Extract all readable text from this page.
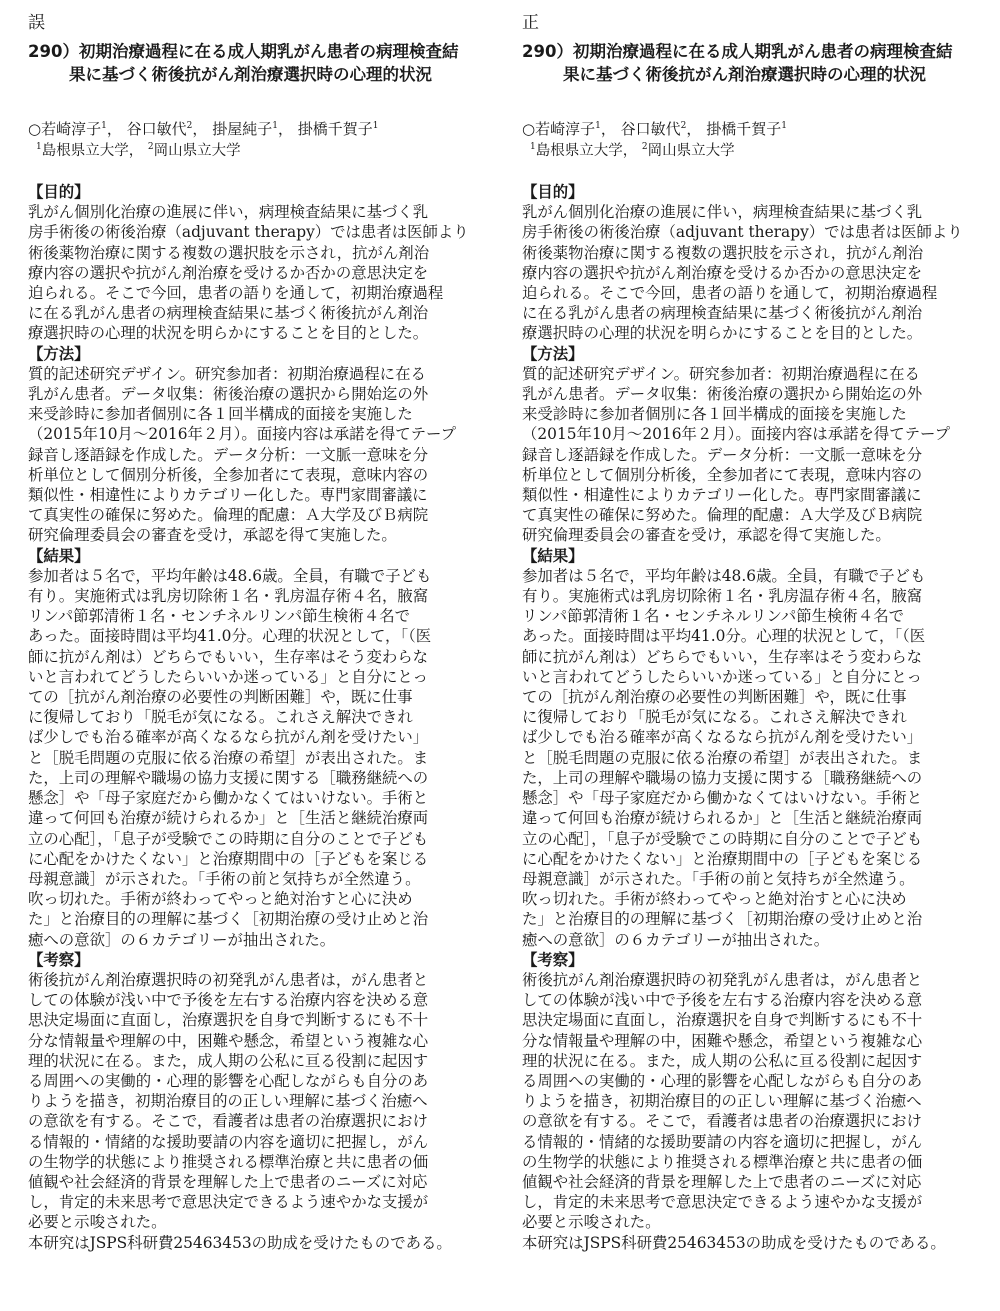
誤
290）初期治療過程に在る成人期乳がん患者の病理検査結
果に基づく術後抗がん剤治療選択時の心理的状況
○若崎淳子$^1$， 谷口敏代$^2$， 掛屋純子$^1$， 掛橋千賀子$^1$
$^1$島根県立大学， $^2$岡山県立大学
【目的】
乳がん個別化治療の進展に伴い，病理検査結果に基づく乳
房手術後の術後治療（adjuvant therapy）では患者は医師より
術後薬物治療に関する複数の選択肢を示され，抗がん剤治
療内容の選択や抗がん剤治療を受けるか否かの意思決定を
迫られる。そこで今回，患者の語りを通して，初期治療過程
に在る乳がん患者の病理検査結果に基づく術後抗がん剤治
療選択時の心理的状況を明らかにすることを目的とした。
【方法】
質的記述研究デザイン。研究参加者：初期治療過程に在る
乳がん患者。データ収集：術後治療の選択から開始迄の外
来受診時に参加者個別に各１回半構成的面接を実施した
（2015年10月～2016年２月）。面接内容は承諾を得てテープ
録音し逐語録を作成した。データ分析：一文脈一意味を分
析単位として個別分析後，全参加者にて表現，意味内容の
類似性・相違性によりカテゴリー化した。専門家間審議に
て真実性の確保に努めた。倫理的配慮：Ａ大学及びＢ病院
研究倫理委員会の審査を受け，承認を得て実施した。
【結果】
参加者は５名で，平均年齢は48.6歳。全員，有職で子ども
有り。実施術式は乳房切除術１名・乳房温存術４名，腋窩
リンパ節郭清術１名・センチネルリンパ節生検術４名で
あった。面接時間は平均41.0分。心理的状況として，「（医
師に抗がん剤は）どちらでもいい，生存率はそう変わらな
いと言われてどうしたらいいか迷っている」と自分にとっ
ての［抗がん剤治療の必要性の判断困難］や，既に仕事
に復帰しており「脱毛が気になる。これさえ解決できれ
ば少しでも治る確率が高くなるなら抗がん剤を受けたい」
と［脱毛問題の克服に依る治療の希望］が表出された。ま
た，上司の理解や職場の協力支援に関する［職務継続への
懸念］や「母子家庭だから働かなくてはいけない。手術と
違って何回も治療が続けられるか」と［生活と継続治療両
立の心配］，「息子が受験でこの時期に自分のことで子ども
に心配をかけたくない」と治療期間中の［子どもを案じる
母親意識］が示された。「手術の前と気持ちが全然違う。
吹っ切れた。手術が終わってやっと絶対治すと心に決め
た」と治療目的の理解に基づく［初期治療の受け止めと治
癒への意欲］の６カテゴリーが抽出された。
【考察】
術後抗がん剤治療選択時の初発乳がん患者は，がん患者と
しての体験が浅い中で予後を左右する治療内容を決める意
思決定場面に直面し，治療選択を自身で判断するにも不十
分な情報量や理解の中，困難や懸念，希望という複雑な心
理的状況に在る。また，成人期の公私に亘る役割に起因す
る周囲への実働的・心理的影響を心配しながらも自分のあ
りようを描き，初期治療目的の正しい理解に基づく治癒へ
の意欲を有する。そこで，看護者は患者の治療選択におけ
る情報的・情緒的な援助要請の内容を適切に把握し，がん
の生物学的状態により推奨される標準治療と共に患者の価
値観や社会経済的背景を理解した上で患者のニーズに対応
し，肯定的未来思考で意思決定できるよう速やかな支援が
必要と示唆された。
本研究はJSPS科研費25463453の助成を受けたものである。
正
290）初期治療過程に在る成人期乳がん患者の病理検査結
果に基づく術後抗がん剤治療選択時の心理的状況
○若崎淳子$^1$， 谷口敏代$^2$， 掛橋千賀子$^1$
$^1$島根県立大学， $^2$岡山県立大学
【目的】
乳がん個別化治療の進展に伴い，病理検査結果に基づく乳
房手術後の術後治療（adjuvant therapy）では患者は医師より
術後薬物治療に関する複数の選択肢を示され，抗がん剤治
療内容の選択や抗がん剤治療を受けるか否かの意思決定を
迫られる。そこで今回，患者の語りを通して，初期治療過程
に在る乳がん患者の病理検査結果に基づく術後抗がん剤治
療選択時の心理的状況を明らかにすることを目的とした。
【方法】
質的記述研究デザイン。研究参加者：初期治療過程に在る
乳がん患者。データ収集：術後治療の選択から開始迄の外
来受診時に参加者個別に各１回半構成的面接を実施した
（2015年10月～2016年２月）。面接内容は承諾を得てテープ
録音し逐語録を作成した。データ分析：一文脈一意味を分
析単位として個別分析後，全参加者にて表現，意味内容の
類似性・相違性によりカテゴリー化した。専門家間審議に
て真実性の確保に努めた。倫理的配慮：Ａ大学及びＢ病院
研究倫理委員会の審査を受け，承認を得て実施した。
【結果】
参加者は５名で，平均年齢は48.6歳。全員，有職で子ども
有り。実施術式は乳房切除術１名・乳房温存術４名，腋窩
リンパ節郭清術１名・センチネルリンパ節生検術４名で
あった。面接時間は平均41.0分。心理的状況として，「（医
師に抗がん剤は）どちらでもいい，生存率はそう変わらな
いと言われてどうしたらいいか迷っている」と自分にとっ
ての［抗がん剤治療の必要性の判断困難］や，既に仕事
に復帰しており「脱毛が気になる。これさえ解決できれ
ば少しでも治る確率が高くなるなら抗がん剤を受けたい」
と［脱毛問題の克服に依る治療の希望］が表出された。ま
た，上司の理解や職場の協力支援に関する［職務継続への
懸念］や「母子家庭だから働かなくてはいけない。手術と
違って何回も治療が続けられるか」と［生活と継続治療両
立の心配］，「息子が受験でこの時期に自分のことで子ども
に心配をかけたくない」と治療期間中の［子どもを案じる
母親意識］が示された。「手術の前と気持ちが全然違う。
吹っ切れた。手術が終わってやっと絶対治すと心に決め
た」と治療目的の理解に基づく［初期治療の受け止めと治
癒への意欲］の６カテゴリーが抽出された。
【考察】
術後抗がん剤治療選択時の初発乳がん患者は，がん患者と
しての体験が浅い中で予後を左右する治療内容を決める意
思決定場面に直面し，治療選択を自身で判断するにも不十
分な情報量や理解の中，困難や懸念，希望という複雑な心
理的状況に在る。また，成人期の公私に亘る役割に起因す
る周囲への実働的・心理的影響を心配しながらも自分のあ
りようを描き，初期治療目的の正しい理解に基づく治癒へ
の意欲を有する。そこで，看護者は患者の治療選択におけ
る情報的・情緒的な援助要請の内容を適切に把握し，がん
の生物学的状態により推奨される標準治療と共に患者の価
値観や社会経済的背景を理解した上で患者のニーズに対応
し，肯定的未来思考で意思決定できるよう速やかな支援が
必要と示唆された。
本研究はJSPS科研費25463453の助成を受けたものである。
